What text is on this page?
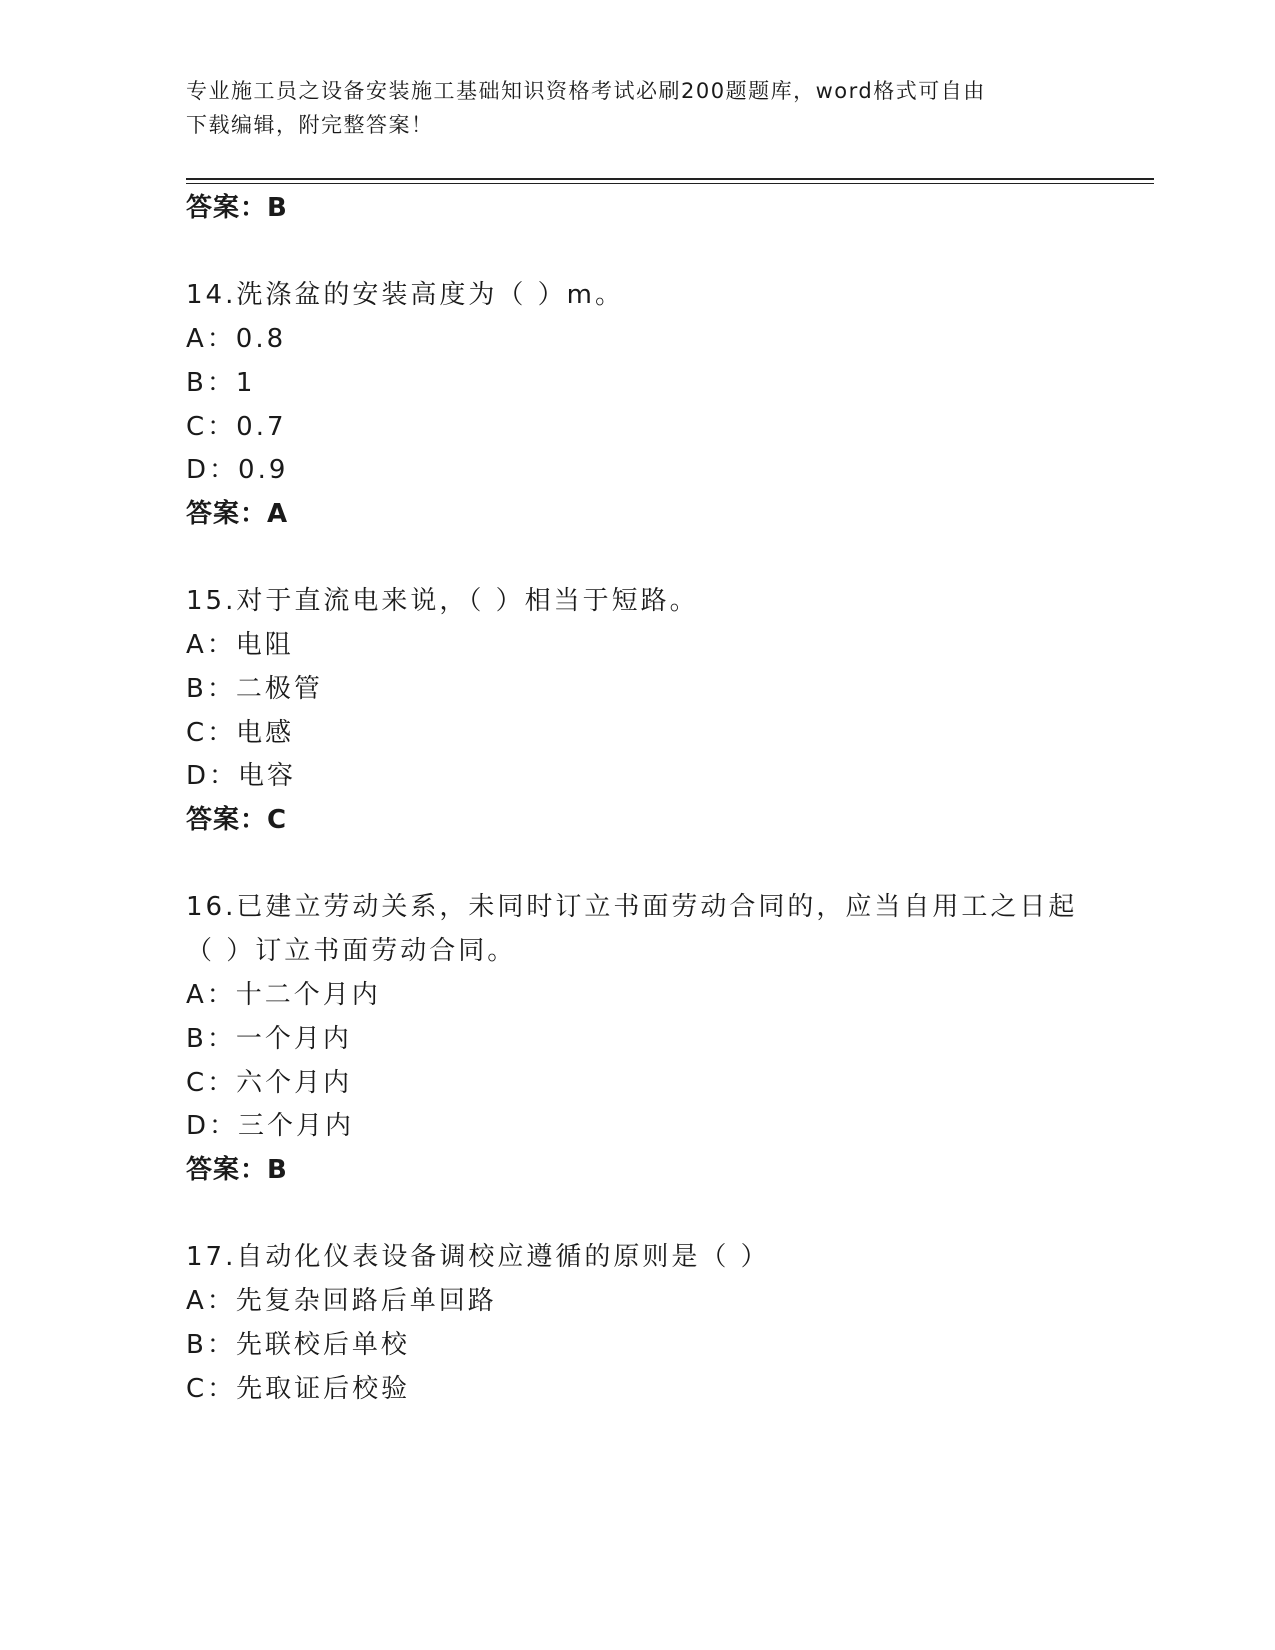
专业施工员之设备安装施工基础知识资格考试必刷200题题库，word格式可自由
下载编辑，附完整答案！
答案：B
14.洗涤盆的安装高度为（ ）m。
A：0.8
B：1
C：0.7
D：0.9
答案：A
15.对于直流电来说，（ ）相当于短路。
A：电阻
B：二极管
C：电感
D：电容
答案：C
16.已建立劳动关系，未同时订立书面劳动合同的，应当自用工之日起
（ ）订立书面劳动合同。
A：十二个月内
B：一个月内
C：六个月内
D：三个月内
答案：B
17.自动化仪表设备调校应遵循的原则是（ ）
A：先复杂回路后单回路
B：先联校后单校
C：先取证后校验
